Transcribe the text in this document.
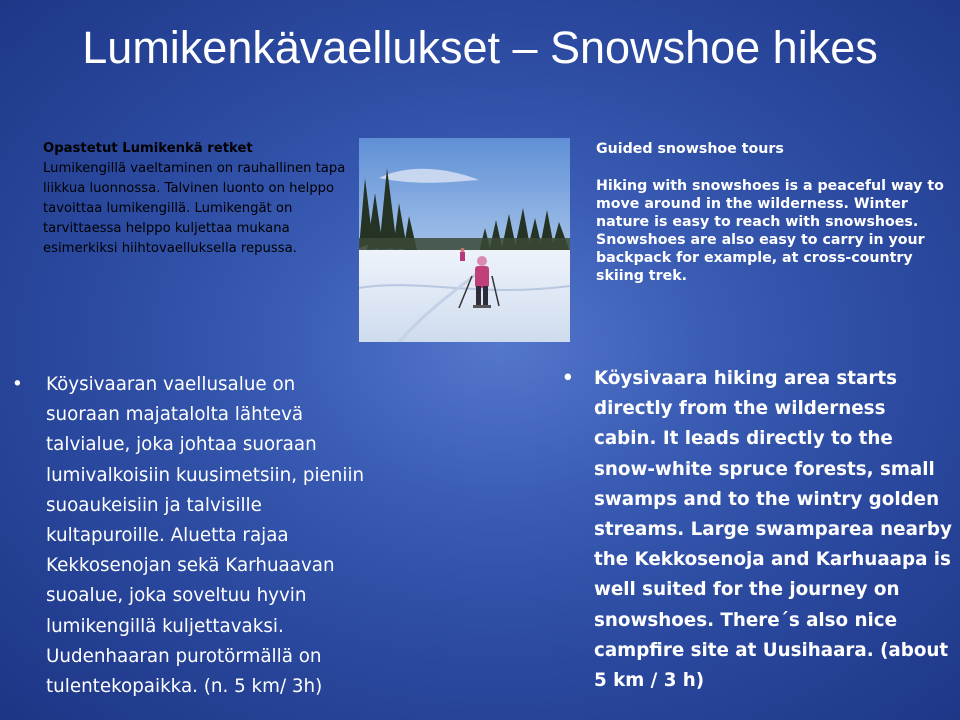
Lumikenkävaellukset – Snowshoe hikes
Opastetut Lumikenkä retket
Lumikengillä vaeltaminen on rauhallinen tapa liikkua luonnossa. Talvinen luonto on helppo tavoittaa lumikengillä. Lumikengät on tarvittaessa helppo kuljettaa mukana esimerkiksi hiihtovaelluksella repussa.
Guided snowshoe tours
Hiking with snowshoes is a peaceful way to move around in the wilderness. Winter nature is easy to reach with snowshoes. Snowshoes are also easy to carry in your backpack for example, at cross-country skiing trek.
• Köysivaaran vaellusalue on suoraan majatalolta lähtevä talvialue, joka johtaa suoraan lumivalkoisiin kuusimetsiin, pieniin suoaukeisiin ja talvisille kultapuroille. Aluetta rajaa Kekkosenojan sekä Karhuaavan suoalue, joka soveltuu hyvin lumikengillä kuljettavaksi. Uudenhaaran purotörmällä on tulentekopaikka. (n. 5 km/ 3h)
• Köysivaara hiking area starts directly from the wilderness cabin. It leads directly to the snow-white spruce forests, small swamps and to the wintry golden streams. Large swamparea nearby the Kekkosenoja and Karhuaapa is well suited for the journey on snowshoes. There´s also nice campfire site at Uusihaara. (about 5 km / 3 h)
